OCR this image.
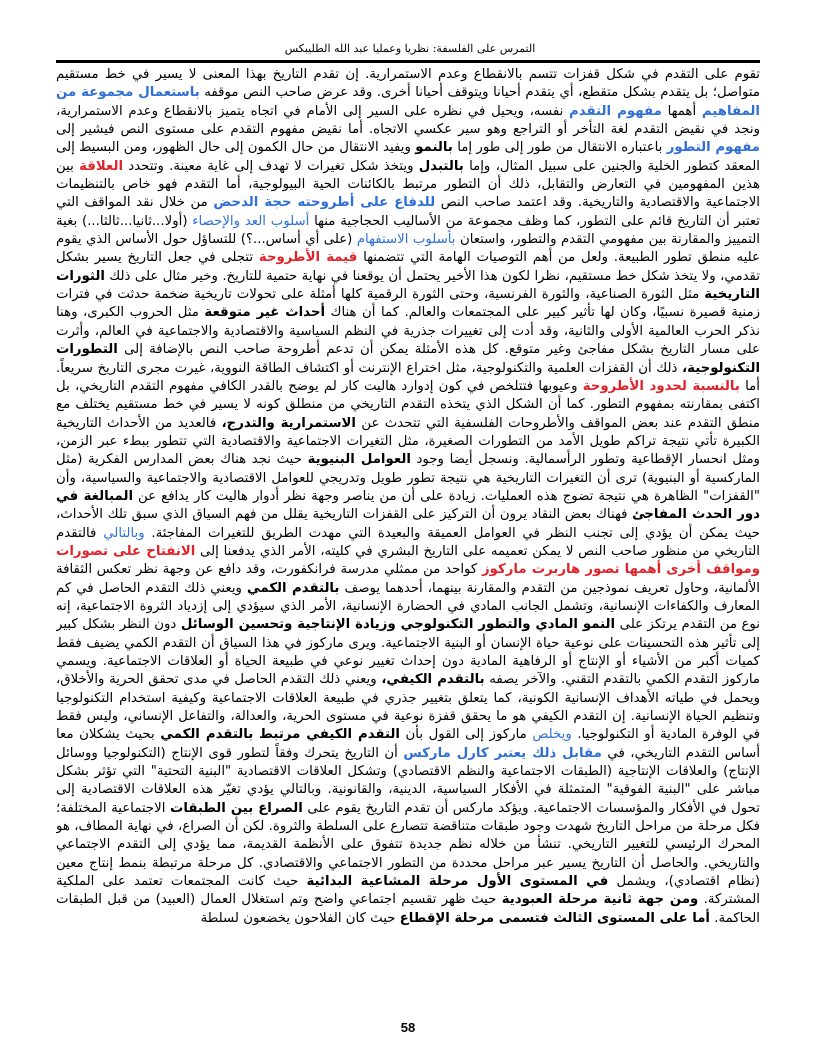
التمرس على الفلسفة: نظريا وعمليا عبد الله الطليبكس
تقوم على التقدم في شكل قفزات تتسم بالانقطاع وعدم الاستمرارية. إن تقدم التاريخ بهذا المعنى لا يسير في خط مستقيم متواصل؛ بل يتقدم بشكل متقطع، أي يتقدم أحيانا ويتوقف أحيانا أخرى. وقد عرض صاحب النص موقفه باستعمال مجموعة من المفاهيم أهمها مفهوم التقدم نفسه، ويحيل في نظره على السير إلى الأمام في اتجاه يتميز بالانقطاع وعدم الاستمرارية، ونجد في نقيض التقدم لغة التأخر أو التراجع وهو سير عكسي الاتجاه. أما نقيض مفهوم التقدم على مستوى النص فيشير إلى مفهوم التطور باعتباره الانتقال من طور إلى طور إما بالنمو ويفيد الانتقال من حال الكمون إلى حال الظهور، ومن البسيط إلى المعقد كتطور الخلية والجنين على سبيل المثال، وإما بالتبدل ويتخذ شكل تغيرات لا تهدف إلى غاية معينة. وتتحدد العلاقة بين هذين المفهومين في التعارض والتقابل، ذلك أن التطور مرتبط بالكائنات الحية البيولوجية، أما التقدم فهو خاص بالتنظيمات الاجتماعية والاقتصادية والتاريخية. وقد اعتمد صاحب النص للدفاع على أطروحته حجة الدحض من خلال نقد المواقف التي تعتبر أن التاريخ قائم على التطور، كما وظف مجموعة من الأساليب الحجاجية منها أسلوب العد والإحصاء (أولا...ثانيا...ثالثا...) بغية التمييز والمقارنة بين مفهومي التقدم والتطور، واستعان بأسلوب الاستفهام (على أي أساس...؟) للتساؤل حول الأساس الذي يقوم عليه منطق تطور الطبيعة. ولعل من أهم التوصيات الهامة التي تتضمنها قيمة الأطروحة تتجلى في جعل التاريخ يسير بشكل تقدمي، ولا يتخذ شكل خط مستقيم، نظرا لكون هذا الأخير يحتمل أن يوقعنا في نهاية حتمية للتاريخ. وخير مثال على ذلك الثورات التاريخية مثل الثورة الصناعية، والثورة الفرنسية، وحتى الثورة الرقمية كلها أمثلة على تحولات تاريخية ضخمة حدثت في فترات زمنية قصيرة نسبيًا، وكان لها تأثير كبير على المجتمعات والعالم. كما أن هناك أحداث غير متوقعة مثل الحروب الكبرى، وهنا نذكر الحرب العالمية الأولى والثانية، وقد أدت إلى تغييرات جذرية في النظم السياسية والاقتصادية والاجتماعية في العالم، وأثرت على مسار التاريخ بشكل مفاجئ وغير متوقع. كل هذه الأمثلة يمكن أن تدعم أطروحة صاحب النص بالإضافة إلى التطورات التكنولوجية، ذلك أن القفزات العلمية والتكنولوجية، مثل اختراع الإنترنت أو اكتشاف الطاقة النووية، غيرت مجرى التاريخ سريعاً. أما بالنسبة لحدود الأطروحة وعيوبها فتتلخص في كون إدوارد هاليت كار لم يوضح بالقدر الكافي مفهوم التقدم التاريخي، بل اكتفى بمقارنته بمفهوم التطور. كما أن الشكل الذي يتخذه التقدم التاريخي من منطلق كونه لا يسير في خط مستقيم يختلف مع منطق التقدم عند بعض المواقف والأطروحات الفلسفية التي تتحدث عن الاستمرارية والتدرج، فالعديد من الأحداث التاريخية الكبيرة تأتي نتيجة تراكم طويل الأمد من التطورات الصغيرة، مثل التغيرات الاجتماعية والاقتصادية التي تتطور ببطء عبر الزمن، ومثل انحسار الإقطاعية وتطور الرأسمالية. ونسجل أيضا وجود العوامل البنيوية حيث نجد هناك بعض المدارس الفكرية (مثل الماركسية أو البنيوية) ترى أن التغيرات التاريخية هي نتيجة تطور طويل وتدريجي للعوامل الاقتصادية والاجتماعية والسياسية، وأن "القفزات" الظاهرة هي نتيجة تضوج هذه العمليات. زيادة على أن من يناصر وجهة نظر أدوار هاليت كار يدافع عن المبالغة في دور الحدث المفاجئ فهناك بعض النقاد يرون أن التركيز على القفزات التاريخية يقلل من فهم السياق الذي سبق تلك الأحداث، حيث يمكن أن يؤدي إلى تجنب النظر في العوامل العميقة والبعيدة التي مهدت الطريق للتغيرات المفاجئة. وبالتالي فالتقدم التاريخي من منظور صاحب النص لا يمكن تعميمه على التاريخ البشري في كليته، الأمر الذي يدفعنا إلى الانفتاح على تصورات ومواقف أخرى أهمها تصور هاربرت ماركوز كواحد من ممثلي مدرسة فرانكفورت، وقد دافع عن وجهة نظر تعكس الثقافة الألمانية، وحاول تعريف نموذجين من التقدم والمقارنة بينهما، أحدهما يوصف بالتقدم الكمي ويعني ذلك التقدم الحاصل في كم المعارف والكفاءات الإنسانية، وتشمل الجانب المادي في الحضارة الإنسانية، الأمر الذي سيؤدي إلى إزدياد الثروة الاجتماعية، إنه نوع من التقدم يرتكز على النمو المادي والتطور التكنولوجي وزيادة الإنتاجية وتحسين الوسائل دون النظر بشكل كبير إلى تأثير هذه التحسينات على نوعية حياة الإنسان أو البنية الاجتماعية. ويرى ماركوز في هذا السياق أن التقدم الكمي يضيف فقط كميات أكبر من الأشياء أو الإنتاج أو الرفاهية المادية دون إحداث تغيير نوعي في طبيعة الحياة أو العلاقات الاجتماعية. ويسمي ماركوز التقدم الكمي بالتقدم التقني. والآخر يصفه بالتقدم الكيفي، ويعني ذلك التقدم الحاصل في مدى تحقق الحرية والأخلاق، ويحمل في طياته الأهداف الإنسانية الكونية، كما يتعلق بتغيير جذري في طبيعة العلاقات الاجتماعية وكيفية استخدام التكنولوجيا وتنظيم الحياة الإنسانية. إن التقدم الكيفي هو ما يحقق قفزة نوعية في مستوى الحرية، والعدالة، والتفاعل الإنساني، وليس فقط في الوفرة المادية أو التكنولوجيا. ويخلص ماركوز إلى القول بأن التقدم الكيفي مرتبط بالتقدم الكمي بحيث يشكلان معا أساس التقدم التاريخي، في مقابل ذلك يعتبر كارل ماركس أن التاريخ يتحرك وفقاً لتطور قوى الإنتاج (التكنولوجيا ووسائل الإنتاج) والعلاقات الإنتاجية (الطبقات الاجتماعية والنظم الاقتصادي) وتشكل العلاقات الاقتصادية "البنية التحتية" التي تؤثر بشكل مباشر على "البنية الفوقية" المتمثلة في الأفكار السياسية، الدينية، والقانونية. وبالتالي يؤدي تغيّر هذه العلاقات الاقتصادية إلى تحول في الأفكار والمؤسسات الاجتماعية. ويؤكد ماركس أن تقدم التاريخ يقوم على الصراع بين الطبقات الاجتماعية المختلفة؛ فكل مرحلة من مراحل التاريخ شهدت وجود طبقات متناقضة تتصارع على السلطة والثروة. لكن أن الصراع، في نهاية المطاف، هو المحرك الرئيسي للتغيير التاريخي. تنشأ من خلاله نظم جديدة تتفوق على الأنظمة القديمة، مما يؤدي إلى التقدم الاجتماعي والتاريخي. والحاصل أن التاريخ يسير عبر مراحل محددة من التطور الاجتماعي والاقتصادي. كل مرحلة مرتبطة بنمط إنتاج معين (نظام اقتصادي)، ويشمل في المستوى الأول مرحلة المشاعية البدائية حيث كانت المجتمعات تعتمد على الملكية المشتركة. ومن جهة ثانية مرحلة العبودية حيث ظهر تقسيم اجتماعي واضح وتم استغلال العمال (العبيد) من قبل الطبقات الحاكمة. أما على المستوى الثالث فتسمى مرحلة الإقطاع حيث كان الفلاحون يخضعون لسلطة
58
